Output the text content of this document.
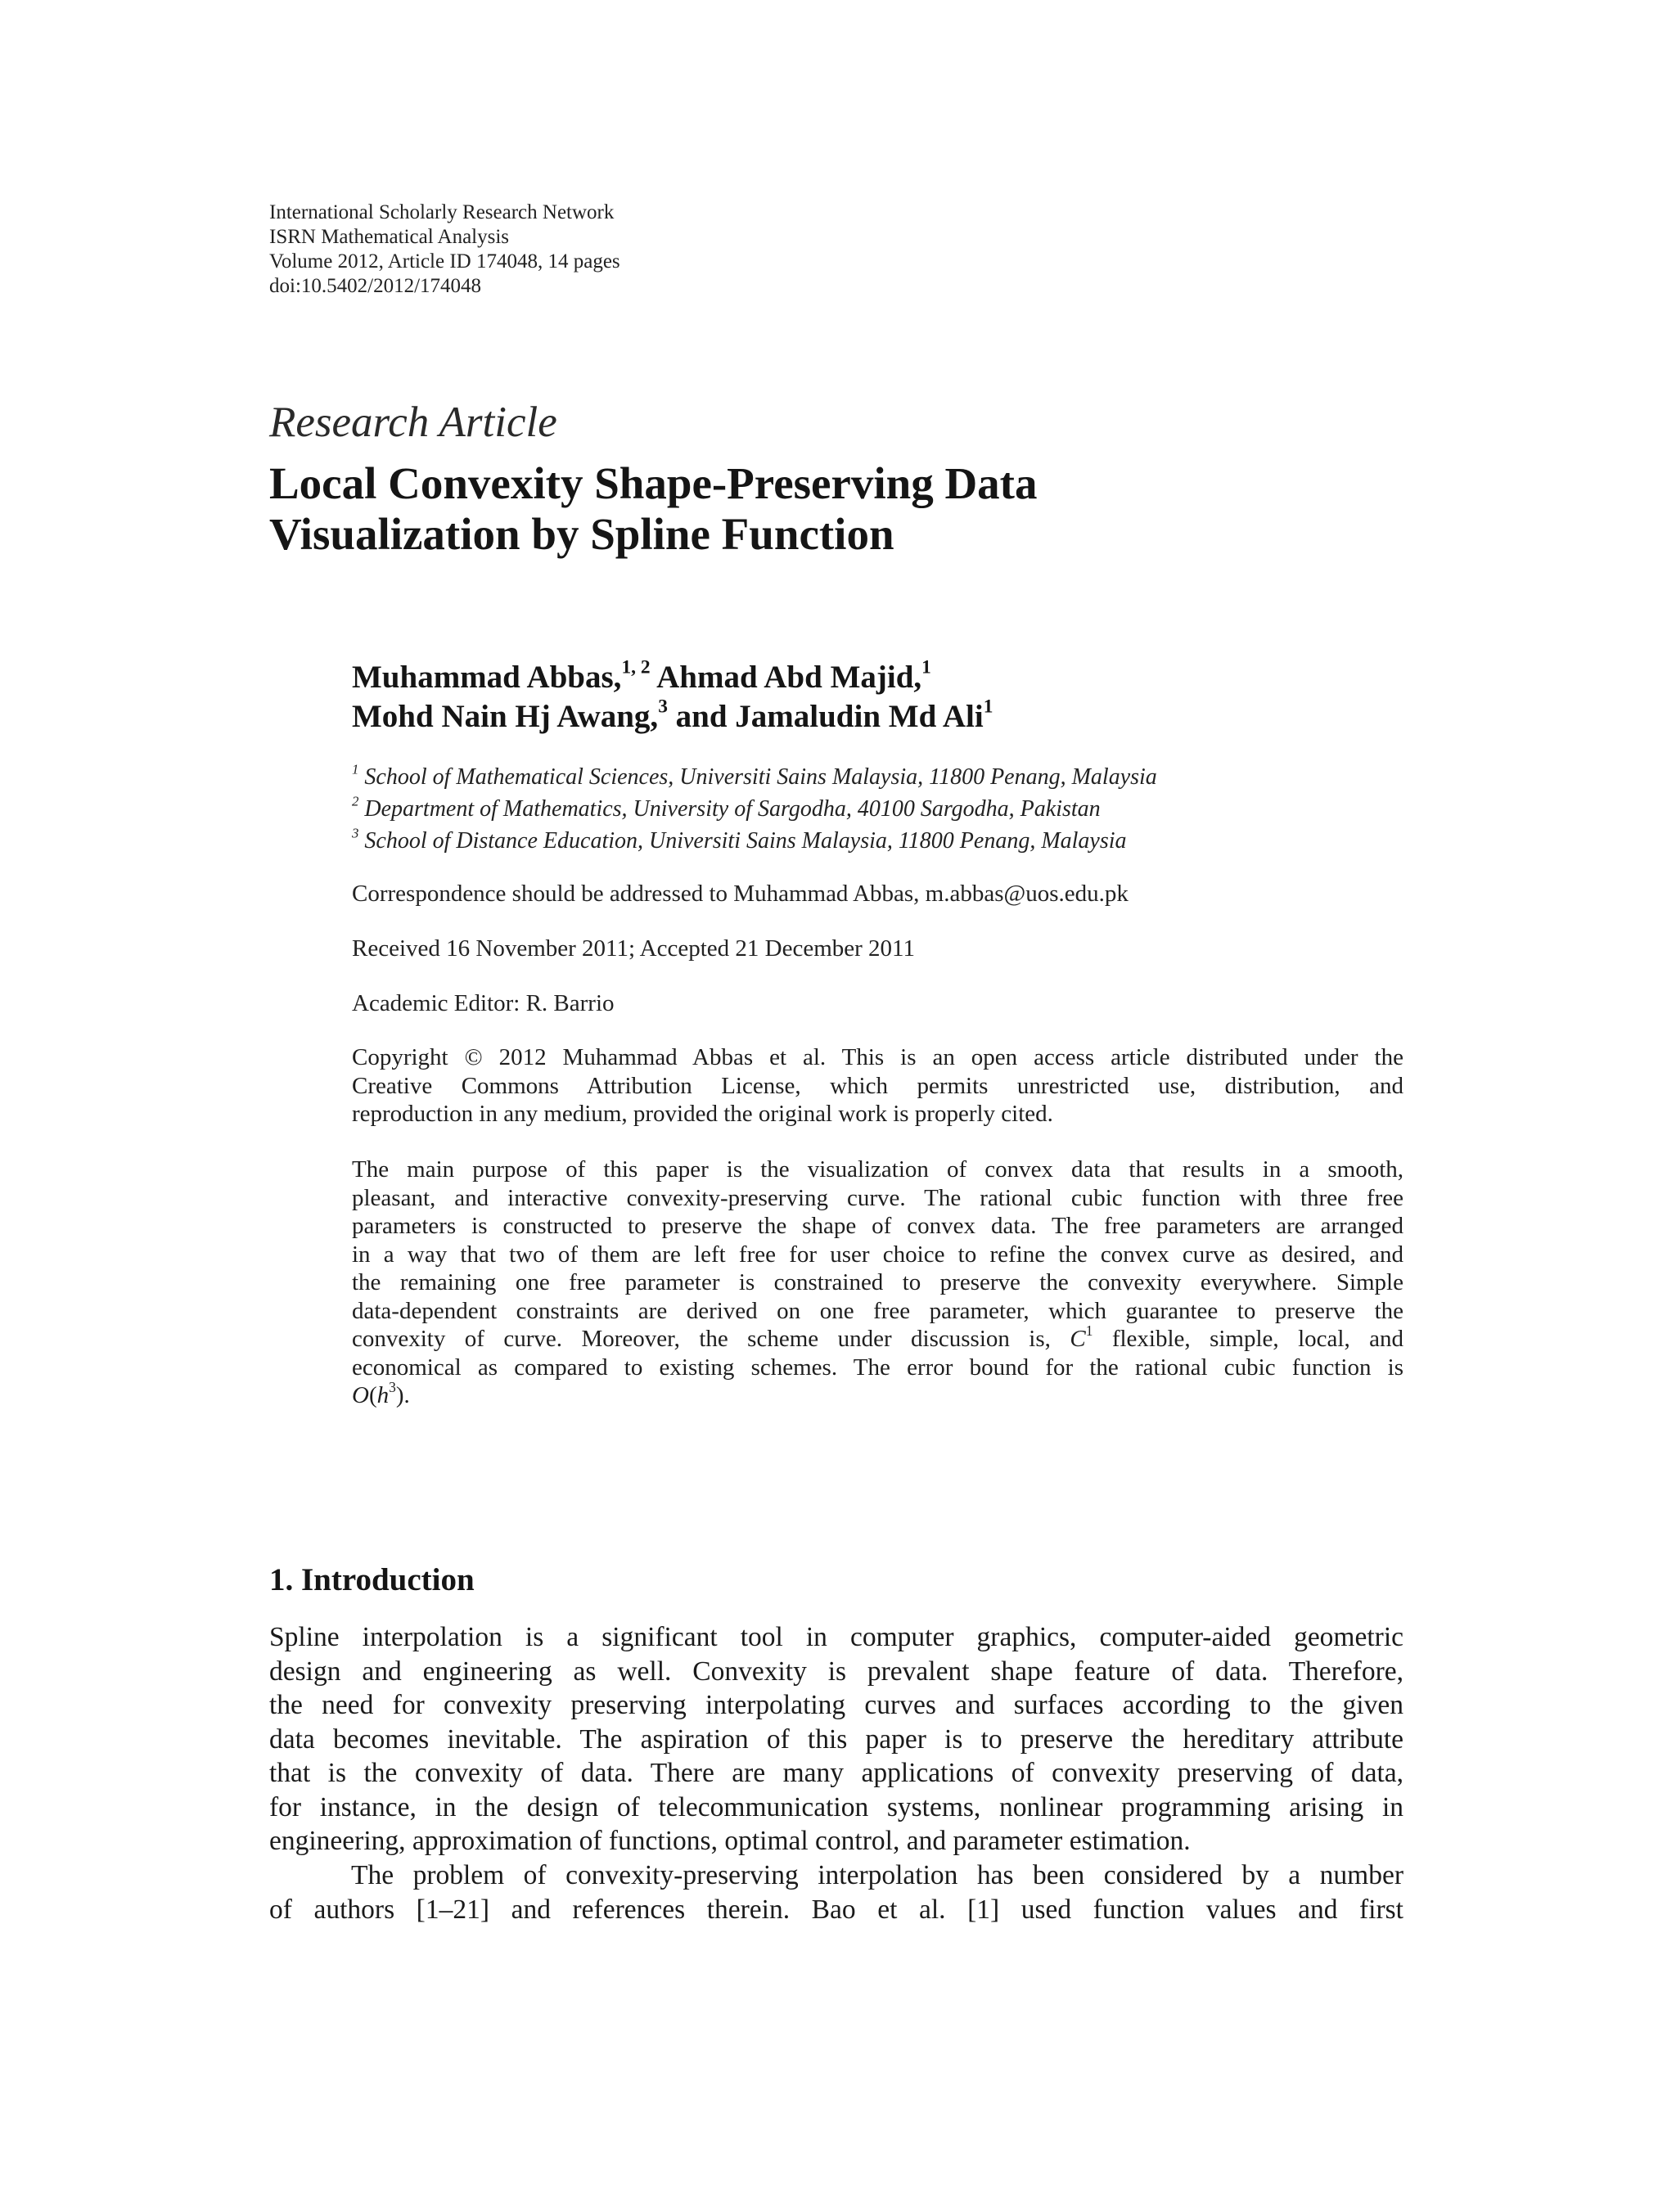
International Scholarly Research Network
ISRN Mathematical Analysis
Volume 2012, Article ID 174048, 14 pages
doi:10.5402/2012/174048
Research Article
Local Convexity Shape-Preserving Data
Visualization by Spline Function
Muhammad Abbas,$^{1, 2}$ Ahmad Abd Majid,$^1$
Mohd Nain Hj Awang,$^3$ and Jamaludin Md Ali$^1$
$^1$ School of Mathematical Sciences, Universiti Sains Malaysia, 11800 Penang, Malaysia
$^2$ Department of Mathematics, University of Sargodha, 40100 Sargodha, Pakistan
$^3$ School of Distance Education, Universiti Sains Malaysia, 11800 Penang, Malaysia
Correspondence should be addressed to Muhammad Abbas, m.abbas@uos.edu.pk
Received 16 November 2011; Accepted 21 December 2011
Academic Editor: R. Barrio
Copyright © 2012 Muhammad Abbas et al. This is an open access article distributed under the
Creative Commons Attribution License, which permits unrestricted use, distribution, and
reproduction in any medium, provided the original work is properly cited.
The main purpose of this paper is the visualization of convex data that results in a smooth,
pleasant, and interactive convexity-preserving curve. The rational cubic function with three free
parameters is constructed to preserve the shape of convex data. The free parameters are arranged
in a way that two of them are left free for user choice to refine the convex curve as desired, and
the remaining one free parameter is constrained to preserve the convexity everywhere. Simple
data-dependent constraints are derived on one free parameter, which guarantee to preserve the
convexity of curve. Moreover, the scheme under discussion is, $C^1$ flexible, simple, local, and
economical as compared to existing schemes. The error bound for the rational cubic function is
$O(h^3)$.
1. Introduction
Spline interpolation is a significant tool in computer graphics, computer-aided geometric
design and engineering as well. Convexity is prevalent shape feature of data. Therefore,
the need for convexity preserving interpolating curves and surfaces according to the given
data becomes inevitable. The aspiration of this paper is to preserve the hereditary attribute
that is the convexity of data. There are many applications of convexity preserving of data,
for instance, in the design of telecommunication systems, nonlinear programming arising in
engineering, approximation of functions, optimal control, and parameter estimation.
The problem of convexity-preserving interpolation has been considered by a number
of authors [1–21] and references therein. Bao et al. [1] used function values and first
